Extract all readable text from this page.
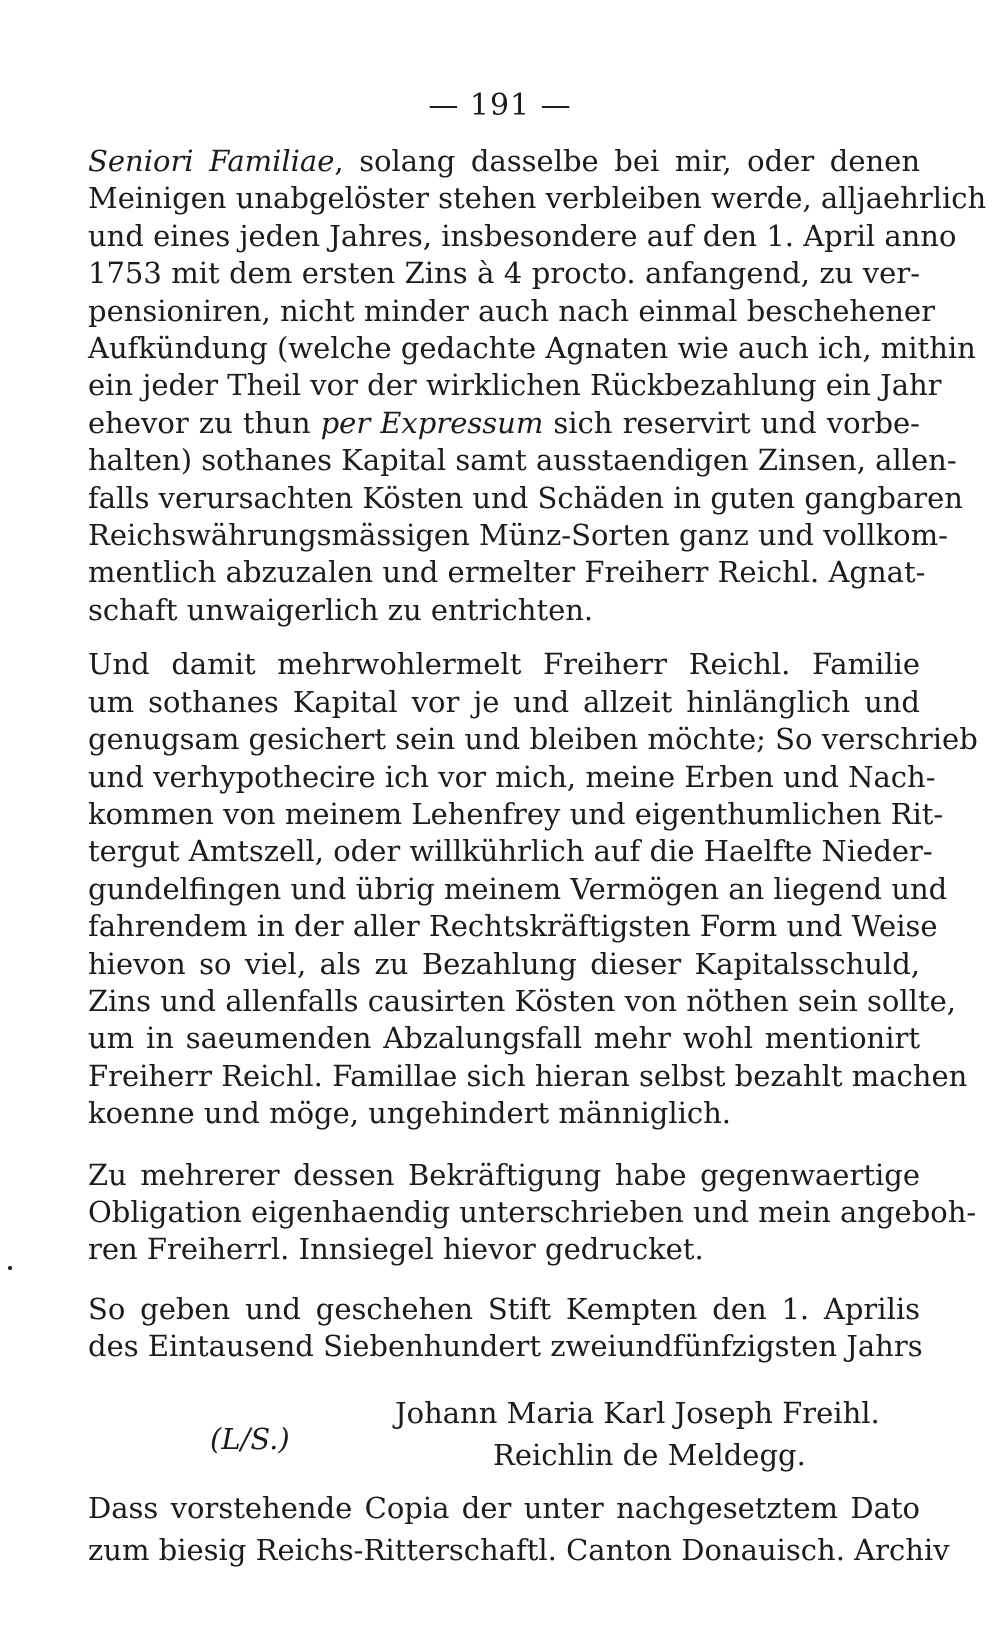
— 191 —
Seniori Familiae, solang dasselbe bei mir, oder denen
Meinigen unabgelöster stehen verbleiben werde, alljaehrlich
und eines jeden Jahres, insbesondere auf den 1. April anno
1753 mit dem ersten Zins à 4 procto. anfangend, zu ver-
pensioniren, nicht minder auch nach einmal beschehener
Aufkündung (welche gedachte Agnaten wie auch ich, mithin
ein jeder Theil vor der wirklichen Rückbezahlung ein Jahr
ehevor zu thun per Expressum sich reservirt und vorbe-
halten) sothanes Kapital samt ausstaendigen Zinsen, allen-
falls verursachten Kösten und Schäden in guten gangbaren
Reichswährungsmässigen Münz-Sorten ganz und vollkom-
mentlich abzuzalen und ermelter Freiherr Reichl. Agnat-
schaft unwaigerlich zu entrichten.
Und damit mehrwohlermelt Freiherr Reichl. Familie
um sothanes Kapital vor je und allzeit hinlänglich und
genugsam gesichert sein und bleiben möchte; So verschrieb
und verhypothecire ich vor mich, meine Erben und Nach-
kommen von meinem Lehenfrey und eigenthumlichen Rit-
tergut Amtszell, oder willkührlich auf die Haelfte Nieder-
gundelfingen und übrig meinem Vermögen an liegend und
fahrendem in der aller Rechtskräftigsten Form und Weise
hievon so viel, als zu Bezahlung dieser Kapitalsschuld,
Zins und allenfalls causirten Kösten von nöthen sein sollte,
um in saeumenden Abzalungsfall mehr wohl mentionirt
Freiherr Reichl. Famillae sich hieran selbst bezahlt machen
koenne und möge, ungehindert männiglich.
Zu mehrerer dessen Bekräftigung habe gegenwaertige
Obligation eigenhaendig unterschrieben und mein angeboh-
ren Freiherrl. Innsiegel hievor gedrucket.
So geben und geschehen Stift Kempten den 1. Aprilis
des Eintausend Siebenhundert zweiundfünfzigsten Jahrs
(L/S.)
Johann Maria Karl Joseph Freihl.
Reichlin de Meldegg.
Dass vorstehende Copia der unter nachgesetztem Dato
zum biesig Reichs-Ritterschaftl. Canton Donauisch. Archiv
